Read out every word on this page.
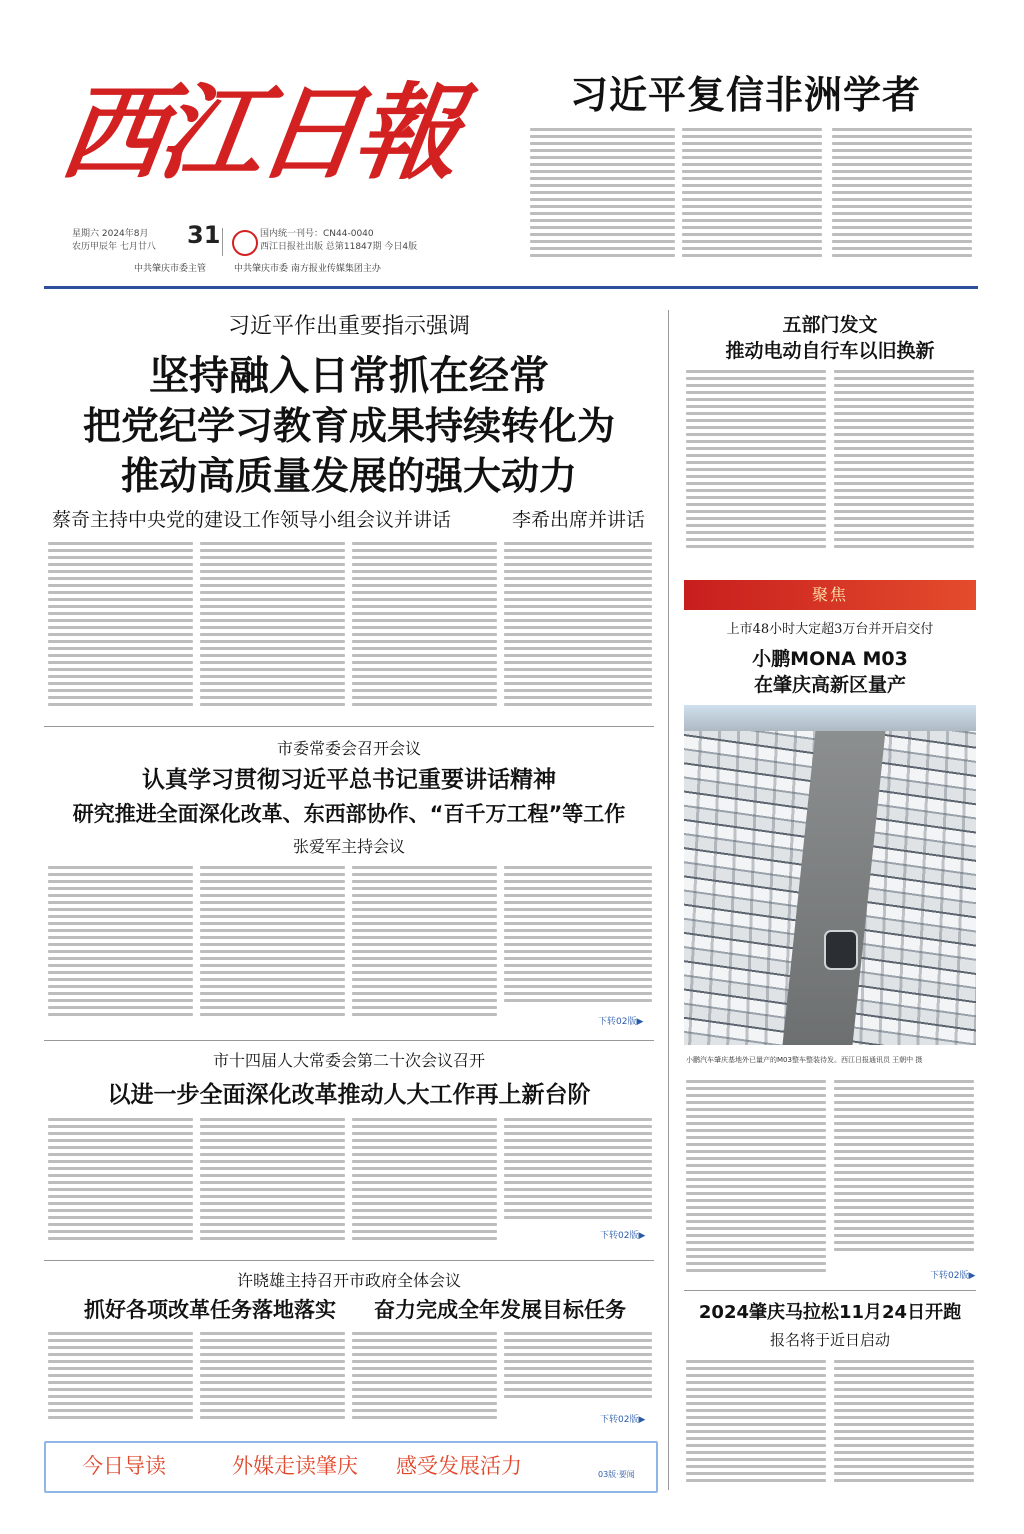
西江日報
星期六 2024年8月
农历甲辰年 七月廿八 31	国内统一刊号：CN44-0040
西江日报社出版 总第11847期 今日4版
中共肇庆市委主管	中共肇庆市委 南方报业传媒集团主办
习近平复信非洲学者
习近平作出重要指示强调
坚持融入日常抓在经常
把党纪学习教育成果持续转化为
推动高质量发展的强大动力
蔡奇主持中央党的建设工作领导小组会议并讲话	李希出席并讲话
市委常委会召开会议
认真学习贯彻习近平总书记重要讲话精神
研究推进全面深化改革、东西部协作、“百千万工程”等工作
张爱军主持会议
下转02版▶
市十四届人大常委会第二十次会议召开
以进一步全面深化改革推动人大工作再上新台阶
下转02版▶
许晓雄主持召开市政府全体会议
抓好各项改革任务落地落实 奋力完成全年发展目标任务
下转02版▶
今日导读	外媒走读肇庆 感受发展活力	03版·要闻
五部门发文
推动电动自行车以旧换新
聚焦
上市48小时大定超3万台并开启交付
小鹏MONA M03
在肇庆高新区量产
小鹏汽车肇庆基地外已量产的M03整车整装待发。西江日报通讯员 王朝中 摄
下转02版▶
2024肇庆马拉松11月24日开跑
报名将于近日启动
